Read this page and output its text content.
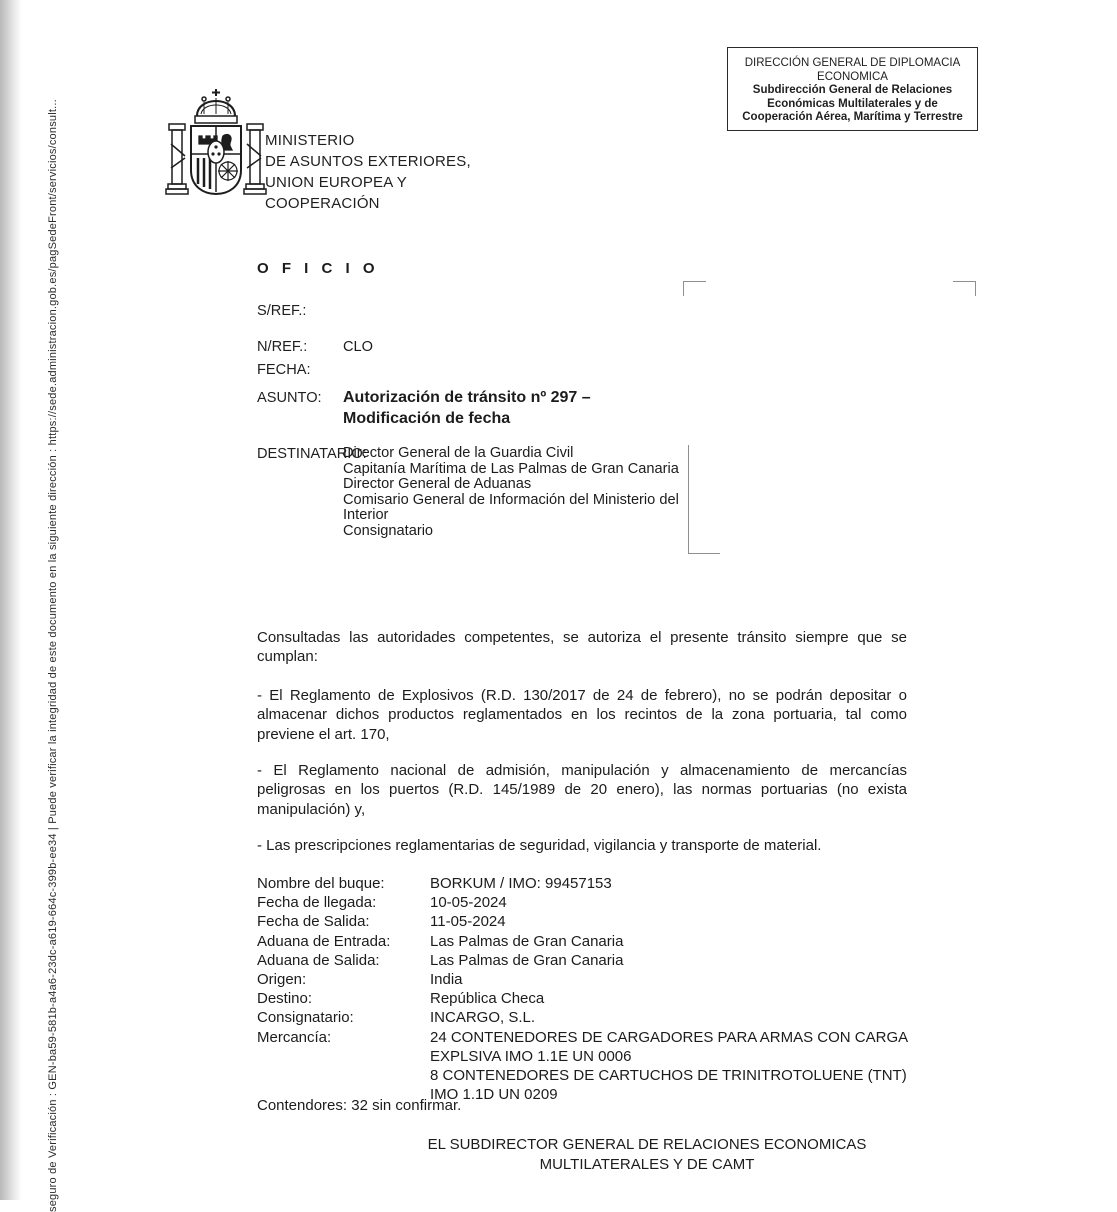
seguro de Verificación : GEN-ba59-581b-a4a6-23dc-a619-664c-399b-ee34 | Puede verificar la integridad de este documento en la siguiente dirección : https://sede.administracion.gob.es/pagSedeFront/servicios/consult...	MINISTERIO
DE ASUNTOS EXTERIORES,
UNION EUROPEA Y
COOPERACIÓN
DIRECCIÓN GENERAL DE DIPLOMACIA
ECONOMICA
Subdirección General de Relaciones
Económicas Multilaterales y de
Cooperación Aérea, Marítima y Terrestre
O F I C I O
S/REF.:
N/REF.: CLO
FECHA:
ASUNTO: Autorización de tránsito nº 297 –
Modificación de fecha
DESTINATARIO:
Director General de la Guardia Civil
Capitanía Marítima de Las Palmas de Gran Canaria
Director General de Aduanas
Comisario General de Información del Ministerio del Interior
Consignatario
Consultadas las autoridades competentes, se autoriza el presente tránsito siempre que se cumplan:
- El Reglamento de Explosivos (R.D. 130/2017 de 24 de febrero), no se podrán depositar o almacenar dichos productos reglamentados en los recintos de la zona portuaria, tal como previene el art. 170,
- El Reglamento nacional de admisión, manipulación y almacenamiento de mercancías peligrosas en los puertos (R.D. 145/1989 de 20 enero), las normas portuarias (no exista manipulación) y,
- Las prescripciones reglamentarias de seguridad, vigilancia y transporte de material.
Nombre del buque:	BORKUM / IMO: 99457153
Fecha de llegada:	10-05-2024
Fecha de Salida:	11-05-2024
Aduana de Entrada:	Las Palmas de Gran Canaria
Aduana de Salida:	Las Palmas de Gran Canaria
Origen:	India
Destino:	República Checa
Consignatario:	INCARGO, S.L.
Mercancía:	24 CONTENEDORES DE CARGADORES PARA ARMAS CON CARGA
EXPLSIVA IMO 1.1E UN 0006
8 CONTENEDORES DE CARTUCHOS DE TRINITROTOLUENE (TNT)
IMO 1.1D UN 0209
Contendores: 32 sin confirmar.
EL SUBDIRECTOR GENERAL DE RELACIONES ECONOMICAS
MULTILATERALES Y DE CAMT
